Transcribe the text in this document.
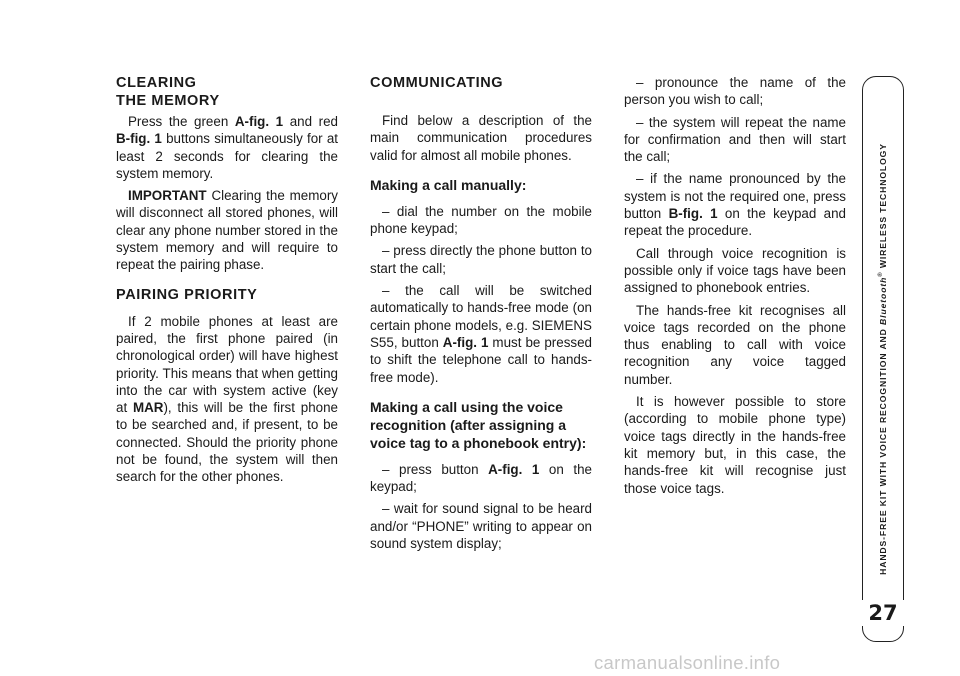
CLEARING
THE MEMORY

Press the green A-fig. 1 and red B-fig. 1 buttons simultaneously for at least 2 seconds for clearing the system memory.

IMPORTANT Clearing the memory will disconnect all stored phones, will clear any phone number stored in the system memory and will require to repeat the pairing phase.

PAIRING PRIORITY

If 2 mobile phones at least are paired, the first phone paired (in chronological order) will have highest priority. This means that when getting into the car with system active (key at MAR), this will be the first phone to be searched and, if present, to be connected. Should the priority phone not be found, the system will then search for the other phones.

COMMUNICATING

Find below a description of the main communication procedures valid for almost all mobile phones.

Making a call manually:

– dial the number on the mobile phone keypad;

– press directly the phone button to start the call;

– the call will be switched automatically to hands-free mode (on certain phone models, e.g. SIEMENS S55, button A-fig. 1 must be pressed to shift the telephone call to hands-free mode).

Making a call using the voice recognition (after assigning a voice tag to a phonebook entry):

– press button A-fig. 1 on the keypad;

– wait for sound signal to be heard and/or “PHONE” writing to appear on sound system display;

– pronounce the name of the person you wish to call;

– the system will repeat the name for confirmation and then will start the call;

– if the name pronounced by the system is not the required one, press button B-fig. 1 on the keypad and repeat the procedure.

Call through voice recognition is possible only if voice tags have been assigned to phonebook entries.

The hands-free kit recognises all voice tags recorded on the phone thus enabling to call with voice recognition any voice tagged number.

It is however possible to store (according to mobile phone type) voice tags directly in the hands-free kit memory but, in this case, the hands-free kit will recognise just those voice tags.	HANDS-FREE KIT WITH VOICE RECOGNITION AND Bluetooth® WIRELESS TECHNOLOGY
27
carmanualsonline.info
